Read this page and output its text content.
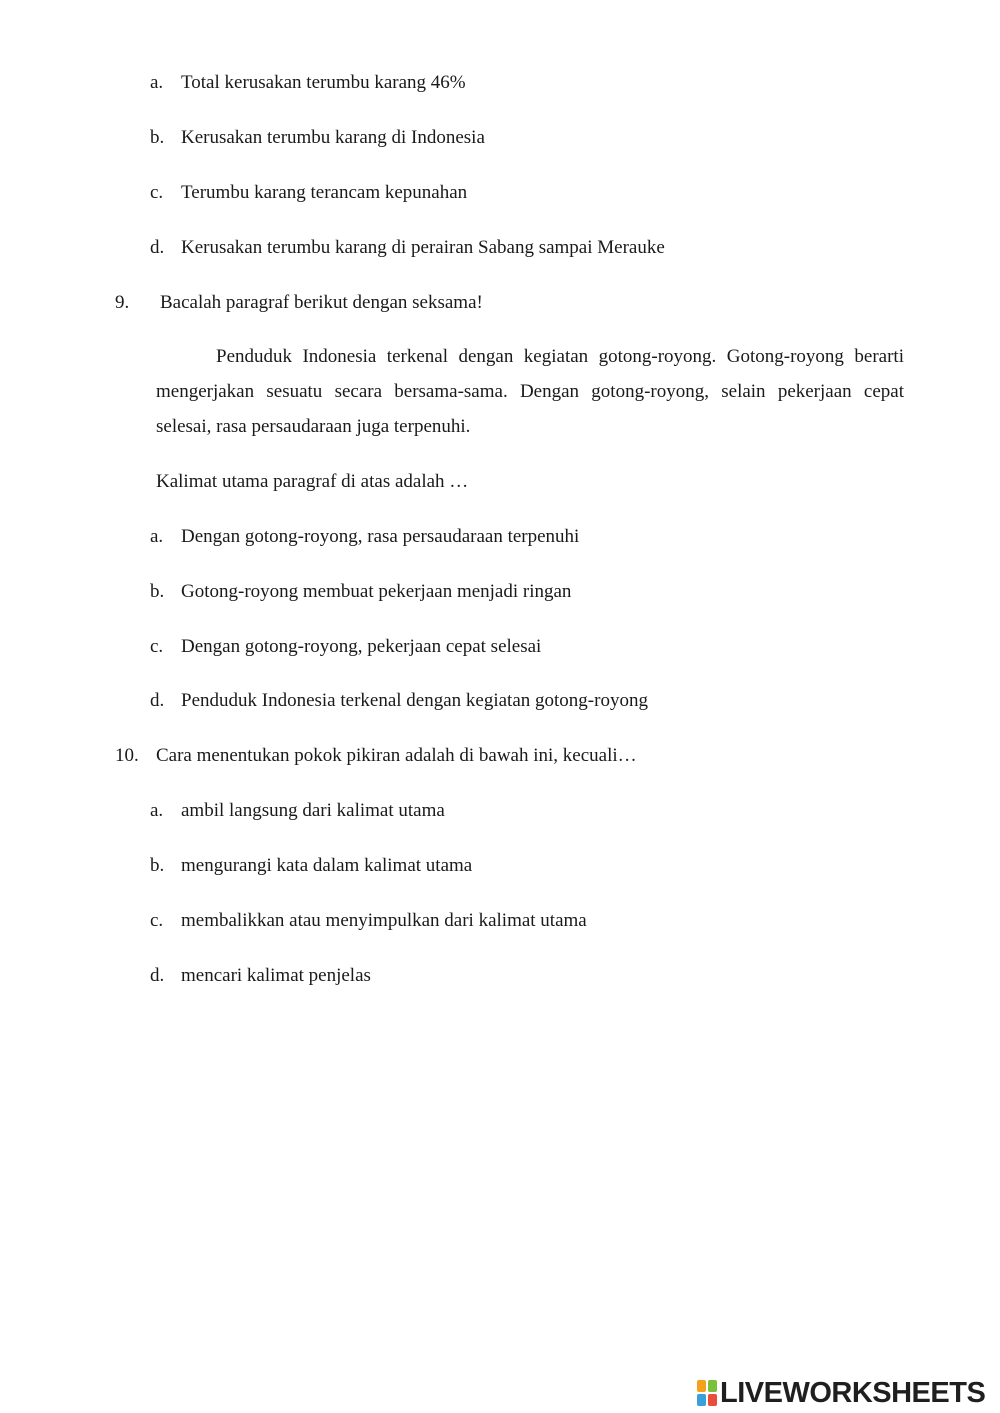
a. Total kerusakan terumbu karang 46%
b. Kerusakan terumbu karang di Indonesia
c. Terumbu karang terancam kepunahan
d. Kerusakan terumbu karang di perairan Sabang sampai Merauke
9. Bacalah paragraf berikut dengan seksama!
Penduduk Indonesia terkenal dengan kegiatan gotong-royong. Gotong-royong berarti mengerjakan sesuatu secara bersama-sama. Dengan gotong-royong, selain pekerjaan cepat selesai, rasa persaudaraan juga terpenuhi.
Kalimat utama paragraf di atas adalah …
a. Dengan gotong-royong, rasa persaudaraan terpenuhi
b. Gotong-royong membuat pekerjaan menjadi ringan
c. Dengan gotong-royong, pekerjaan cepat selesai
d. Penduduk Indonesia terkenal dengan kegiatan gotong-royong
10. Cara menentukan pokok pikiran adalah di bawah ini, kecuali…
a. ambil langsung dari kalimat utama
b. mengurangi kata dalam kalimat utama
c. membalikkan atau menyimpulkan dari kalimat utama
d. mencari kalimat penjelas
LIVEWORKSHEETS
